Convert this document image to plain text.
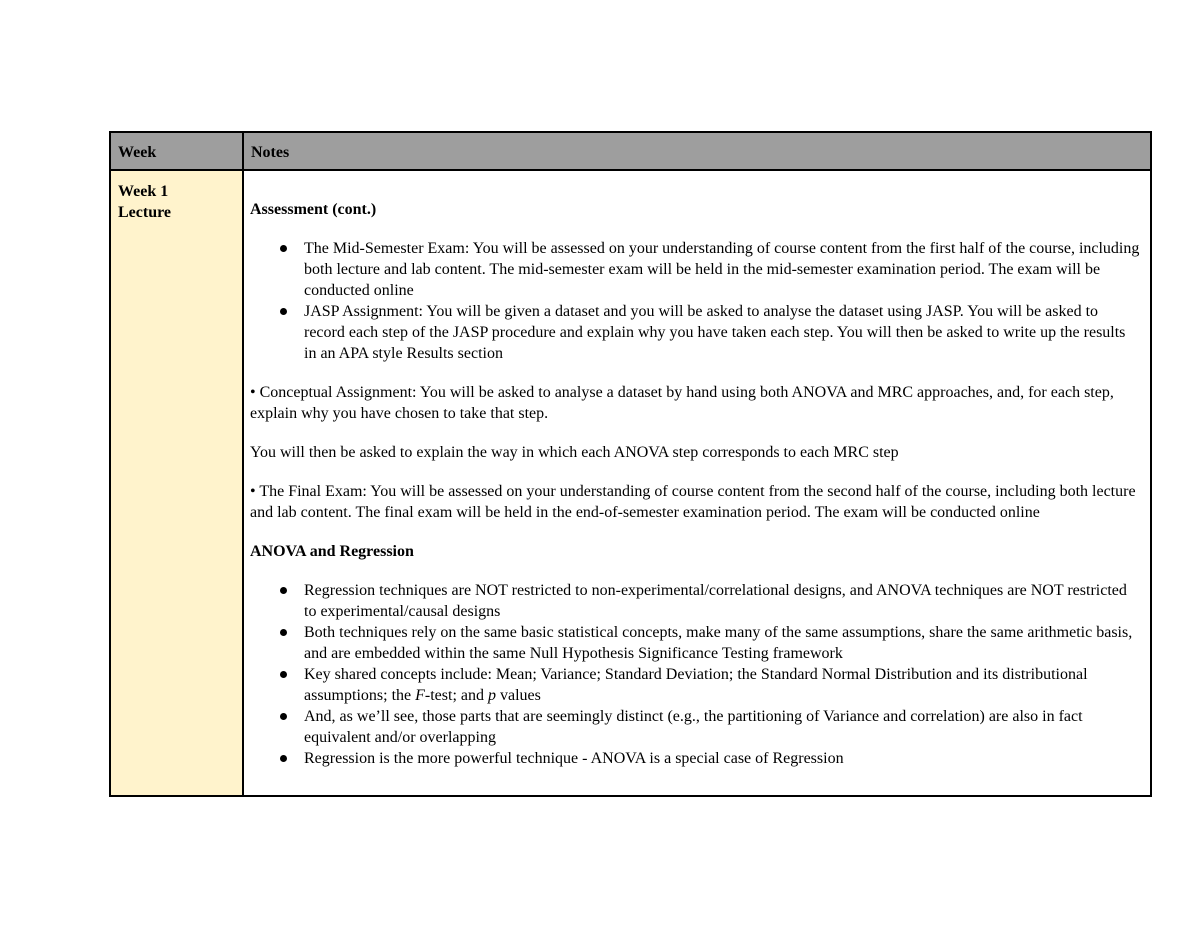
Week	Notes
Week 1
Lecture	Assessment (cont.)
The Mid-Semester Exam: You will be assessed on your understanding of course content from the first half of the course, including both lecture and lab content. The mid-semester exam will be held in the mid-semester examination period. The exam will be conducted online
JASP Assignment: You will be given a dataset and you will be asked to analyse the dataset using JASP. You will be asked to record each step of the JASP procedure and explain why you have taken each step. You will then be asked to write up the results in an APA style Results section

• Conceptual Assignment: You will be asked to analyse a dataset by hand using both ANOVA and MRC approaches, and, for each step, explain why you have chosen to take that step.

You will then be asked to explain the way in which each ANOVA step corresponds to each MRC step

• The Final Exam: You will be assessed on your understanding of course content from the second half of the course, including both lecture and lab content. The final exam will be held in the end-of-semester examination period. The exam will be conducted online

ANOVA and Regression
Regression techniques are NOT restricted to non-experimental/correlational designs, and ANOVA techniques are NOT restricted to experimental/causal designs
Both techniques rely on the same basic statistical concepts, make many of the same assumptions, share the same arithmetic basis, and are embedded within the same Null Hypothesis Significance Testing framework
Key shared concepts include: Mean; Variance; Standard Deviation; the Standard Normal Distribution and its distributional assumptions; the F-test; and p values
And, as we’ll see, those parts that are seemingly distinct (e.g., the partitioning of Variance and correlation) are also in fact equivalent and/or overlapping
Regression is the more powerful technique - ANOVA is a special case of Regression
